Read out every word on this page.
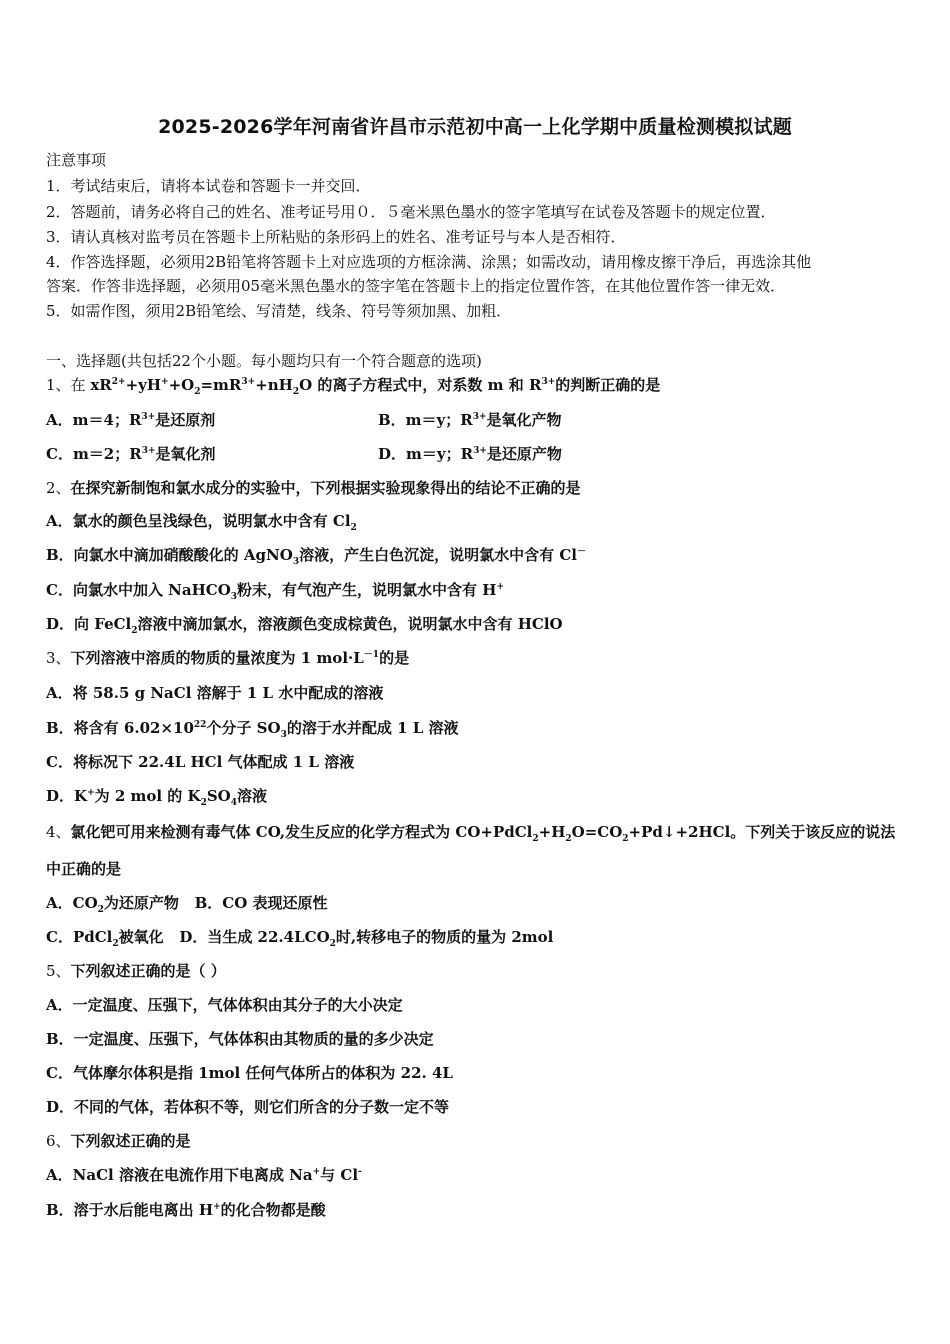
2025-2026学年河南省许昌市示范初中高一上化学期中质量检测模拟试题
注意事项
1．考试结束后，请将本试卷和答题卡一并交回．
2．答题前，请务必将自己的姓名、准考证号用０．５毫米黑色墨水的签字笔填写在试卷及答题卡的规定位置．
3．请认真核对监考员在答题卡上所粘贴的条形码上的姓名、准考证号与本人是否相符．
4．作答选择题，必须用2B铅笔将答题卡上对应选项的方框涂满、涂黑；如需改动，请用橡皮擦干净后，再选涂其他
答案．作答非选择题，必须用05毫米黑色墨水的签字笔在答题卡上的指定位置作答，在其他位置作答一律无效．
5．如需作图，须用2B铅笔绘、写清楚，线条、符号等须加黑、加粗．
一、选择题(共包括22个小题。每小题均只有一个符合题意的选项)
1、在 $xR^{2+}+yH^++O_2=mR^{3+}+nH_2O$ 的离子方程式中，对系数 m 和 $R^{3+}$的判断正确的是
A．m＝4；$R^{3+}$是还原剂	B．m＝y；$R^{3+}$是氧化产物
C．m＝2；$R^{3+}$是氧化剂	D．m＝y；$R^{3+}$是还原产物
2、在探究新制饱和氯水成分的实验中，下列根据实验现象得出的结论不正确的是
A．氯水的颜色呈浅绿色，说明氯水中含有 $Cl_2$
B．向氯水中滴加硝酸酸化的 AgNO$_3$溶液，产生白色沉淀，说明氯水中含有 Cl－
C．向氯水中加入 NaHCO$_3$粉末，有气泡产生，说明氯水中含有 H+
D．向 FeCl$_2$溶液中滴加氯水，溶液颜色变成棕黄色，说明氯水中含有 HClO
3、下列溶液中溶质的物质的量浓度为 1 $mol\cdot L^{-1}$的是
A．将 58.5 g NaCl 溶解于 1 L 水中配成的溶液
B．将含有 $6.02\times 10^{22}$个分子 $SO_3$的溶于水并配成 1 L 溶液
C．将标况下 22.4L HCl 气体配成 1 L 溶液
D．K+为 2 mol 的 $K_2SO_4$溶液
4、氯化钯可用来检测有毒气体 CO,发生反应的化学方程式为 $CO+PdCl_2+H_2O=CO_2+Pd↓+2HCl$。下列关于该反应的说法
中正确的是
A．$CO_2$为还原产物 B．CO 表现还原性
C．PdCl$_2$被氧化 D．当生成 $22.4LCO_2$时,转移电子的物质的量为 2mol
5、下列叙述正确的是（ ）
A．一定温度、压强下，气体体积由其分子的大小决定
B．一定温度、压强下，气体体积由其物质的量的多少决定
C．气体摩尔体积是指 1mol 任何气体所占的体积为 22. 4L
D．不同的气体，若体积不等，则它们所含的分子数一定不等
6、下列叙述正确的是
A．NaCl 溶液在电流作用下电离成 Na+与 Cl-
B．溶于水后能电离出 H+的化合物都是酸
